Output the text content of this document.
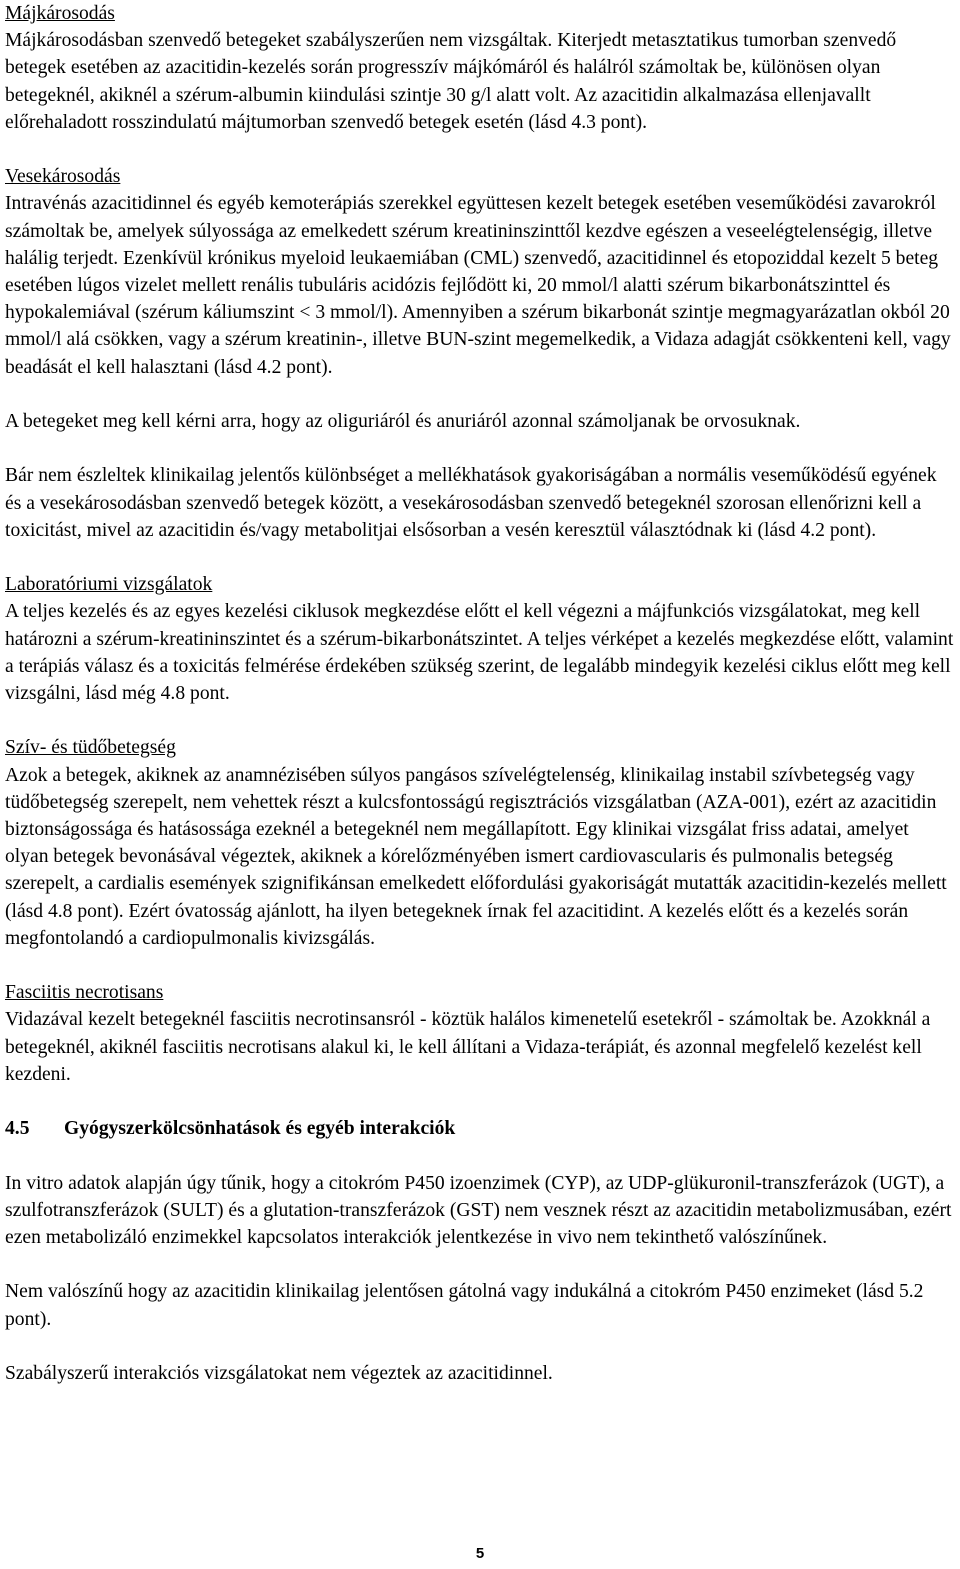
Májkárosodás

Májkárosodásban szenvedő betegeket szabályszerűen nem vizsgáltak. Kiterjedt metasztatikus tumorban szenvedő betegek esetében az azacitidin-kezelés során progresszív májkómáról és halálról számoltak be, különösen olyan betegeknél, akiknél a szérum-albumin kiindulási szintje 30 g/l alatt volt. Az azacitidin alkalmazása ellenjavallt előrehaladott rosszindulatú májtumorban szenvedő betegek esetén (lásd 4.3 pont).

Vesekárosodás

Intravénás azacitidinnel és egyéb kemoterápiás szerekkel együttesen kezelt betegek esetében veseműködési zavarokról számoltak be, amelyek súlyossága az emelkedett szérum kreatininszinttől kezdve egészen a veseelégtelenségig, illetve halálig terjedt. Ezenkívül krónikus myeloid leukaemiában (CML) szenvedő, azacitidinnel és etopoziddal kezelt 5 beteg esetében lúgos vizelet mellett renális tubuláris acidózis fejlődött ki, 20 mmol/l alatti szérum bikarbonátszinttel és hypokalemiával (szérum káliumszint < 3 mmol/l). Amennyiben a szérum bikarbonát szintje megmagyarázatlan okból 20 mmol/l alá csökken, vagy a szérum kreatinin-, illetve BUN-szint megemelkedik, a Vidaza adagját csökkenteni kell, vagy beadását el kell halasztani (lásd 4.2 pont).

A betegeket meg kell kérni arra, hogy az oliguriáról és anuriáról azonnal számoljanak be orvosuknak.

Bár nem észleltek klinikailag jelentős különbséget a mellékhatások gyakoriságában a normális veseműködésű egyének és a vesekárosodásban szenvedő betegek között, a vesekárosodásban szenvedő betegeknél szorosan ellenőrizni kell a toxicitást, mivel az azacitidin és/vagy metabolitjai elsősorban a vesén keresztül választódnak ki (lásd 4.2 pont).

Laboratóriumi vizsgálatok

A teljes kezelés és az egyes kezelési ciklusok megkezdése előtt el kell végezni a májfunkciós vizsgálatokat, meg kell határozni a szérum-kreatininszintet és a szérum-bikarbonátszintet. A teljes vérképet a kezelés megkezdése előtt, valamint a terápiás válasz és a toxicitás felmérése érdekében szükség szerint, de legalább mindegyik kezelési ciklus előtt meg kell vizsgálni, lásd még 4.8 pont.

Szív- és tüdőbetegség

Azok a betegek, akiknek az anamnézisében súlyos pangásos szívelégtelenség, klinikailag instabil szívbetegség vagy tüdőbetegség szerepelt, nem vehettek részt a kulcsfontosságú regisztrációs vizsgálatban (AZA-001), ezért az azacitidin biztonságossága és hatásossága ezeknél a betegeknél nem megállapított. Egy klinikai vizsgálat friss adatai, amelyet olyan betegek bevonásával végeztek, akiknek a kórelőzményében ismert cardiovascularis és pulmonalis betegség szerepelt, a cardialis események szignifikánsan emelkedett előfordulási gyakoriságát mutatták azacitidin-kezelés mellett (lásd 4.8 pont). Ezért óvatosság ajánlott, ha ilyen betegeknek írnak fel azacitidint. A kezelés előtt és a kezelés során megfontolandó a cardiopulmonalis kivizsgálás.

Fasciitis necrotisans

Vidazával kezelt betegeknél fasciitis necrotinsansról - köztük halálos kimenetelű esetekről - számoltak be. Azokknál a betegeknél, akiknél fasciitis necrotisans alakul ki, le kell állítani a Vidaza-terápiát, és azonnal megfelelő kezelést kell kezdeni.

4.5 Gyógyszerkölcsönhatások és egyéb interakciók

In vitro adatok alapján úgy tűnik, hogy a citokróm P450 izoenzimek (CYP), az UDP-glükuronil-transzferázok (UGT), a szulfotranszferázok (SULT) és a glutation-transzferázok (GST) nem vesznek részt az azacitidin metabolizmusában, ezért ezen metabolizáló enzimekkel kapcsolatos interakciók jelentkezése in vivo nem tekinthető valószínűnek.

Nem valószínű hogy az azacitidin klinikailag jelentősen gátolná vagy indukálná a citokróm P450 enzimeket (lásd 5.2 pont).

Szabályszerű interakciós vizsgálatokat nem végeztek az azacitidinnel.

5
